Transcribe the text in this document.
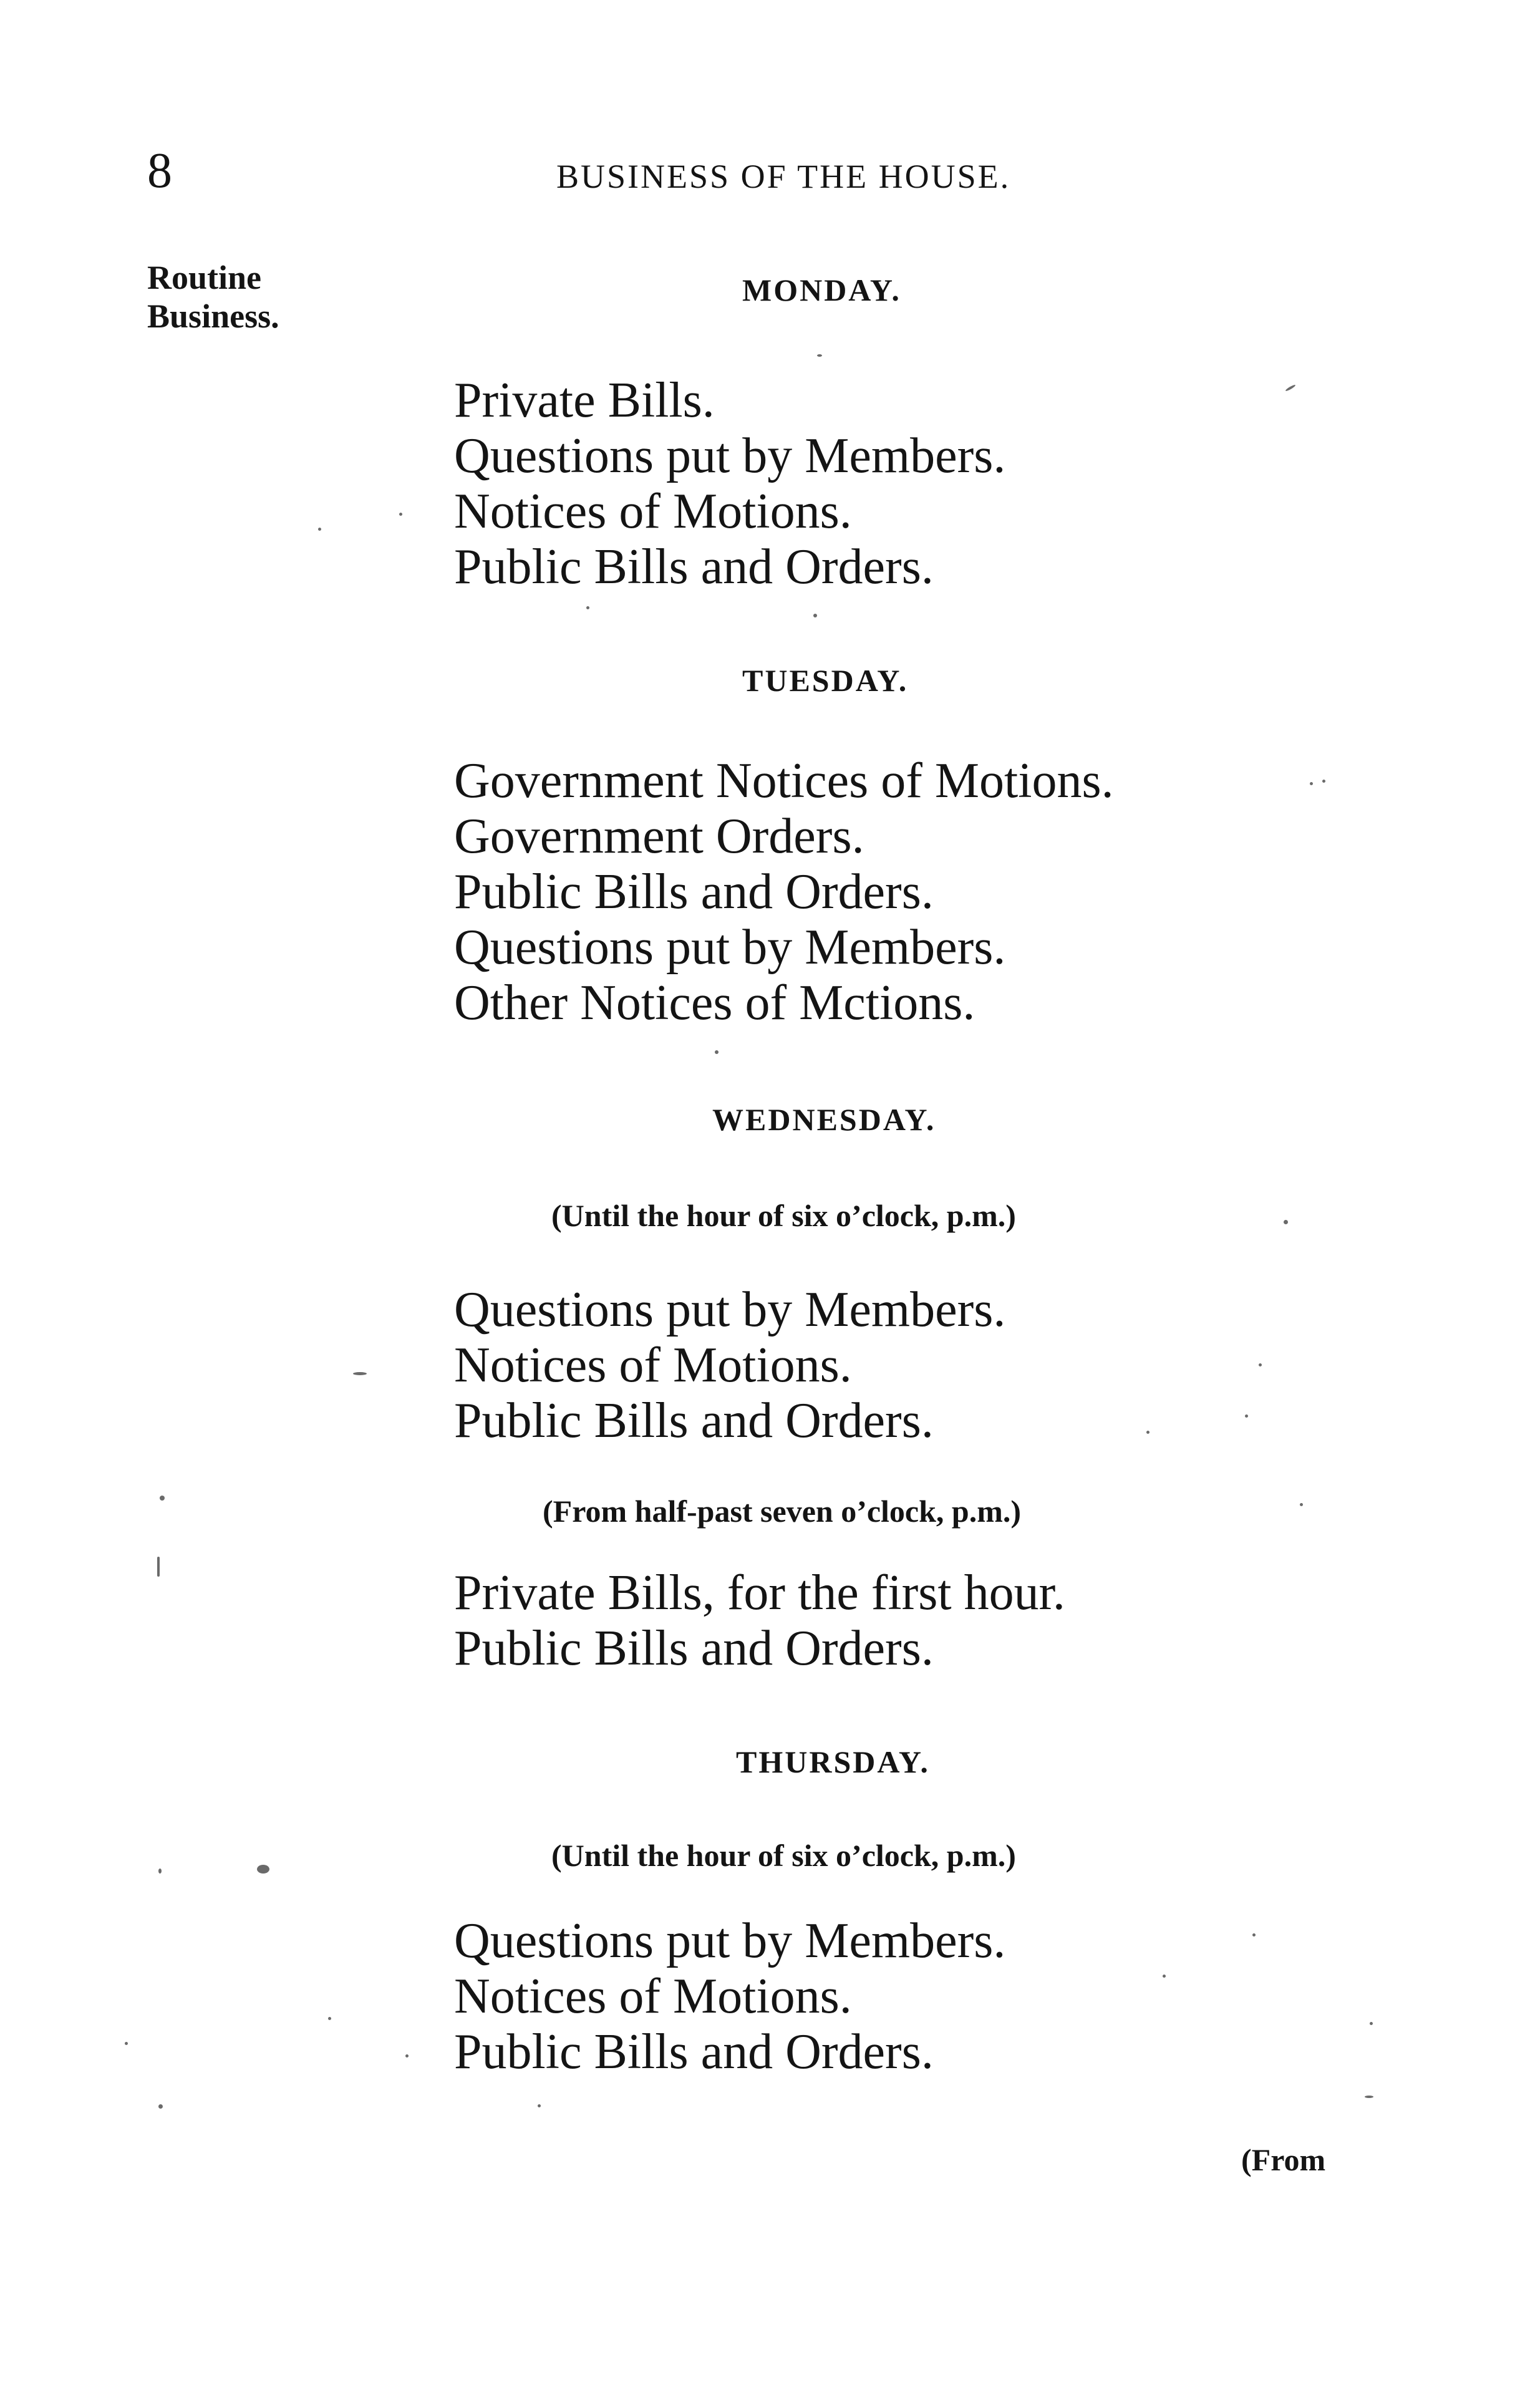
8	BUSINESS OF THE HOUSE.
Routine
Business.
MONDAY.
Private Bills.
Questions put by Members.
Notices of Motions.
Public Bills and Orders.
TUESDAY.
Government Notices of Motions.
Government Orders.
Public Bills and Orders.
Questions put by Members.
Other Notices of Mctions.
WEDNESDAY.
(Until the hour of six o’clock, p.m.)
Questions put by Members.
Notices of Motions.
Public Bills and Orders.
(From half-past seven o’clock, p.m.)
Private Bills, for the first hour.
Public Bills and Orders.
THURSDAY.
(Until the hour of six o’clock, p.m.)
Questions put by Members.
Notices of Motions.
Public Bills and Orders.
(From
